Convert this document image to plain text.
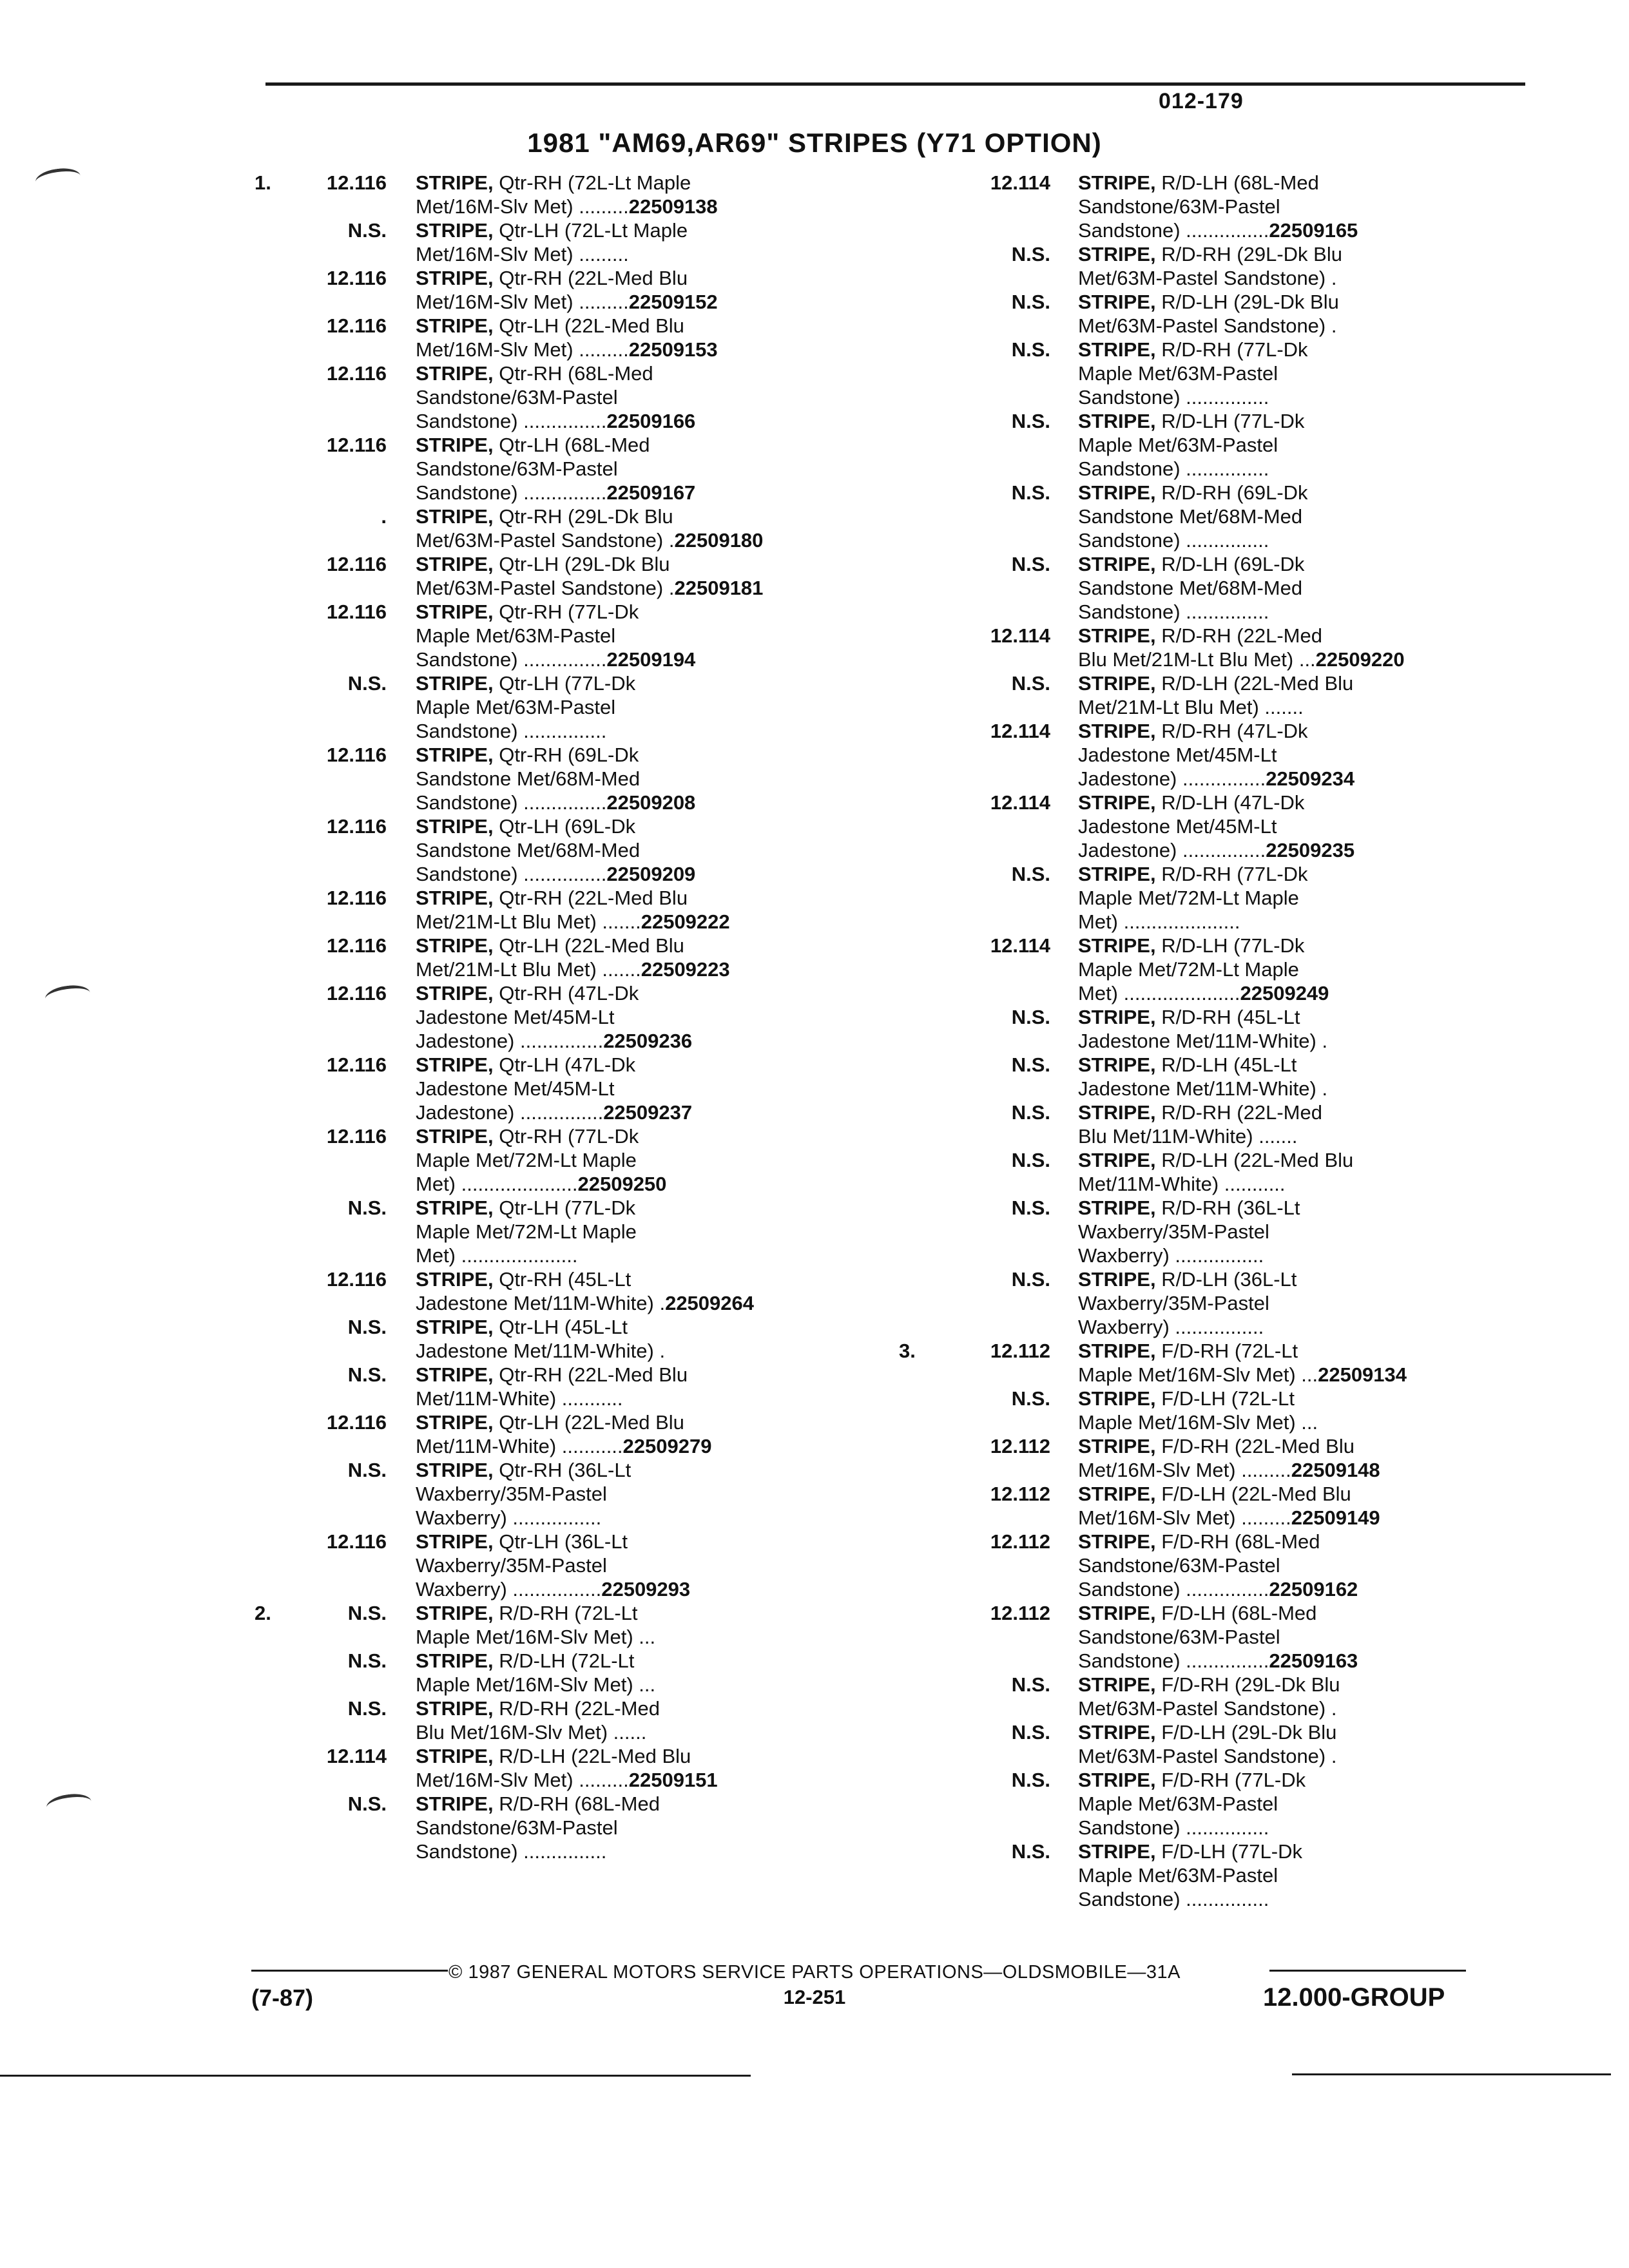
012-179
1981 "AM69,AR69" STRIPES (Y71 OPTION)
1.	12.116 STRIPE, Qtr-RH (72L-Lt Maple
Met/16M-Slv Met) .........22509138
N.S. STRIPE, Qtr-LH (72L-Lt Maple
Met/16M-Slv Met) .........
12.116 STRIPE, Qtr-RH (22L-Med Blu
Met/16M-Slv Met) .........22509152
12.116 STRIPE, Qtr-LH (22L-Med Blu
Met/16M-Slv Met) .........22509153
12.116 STRIPE, Qtr-RH (68L-Med
Sandstone/63M-Pastel
Sandstone) ...............22509166
12.116 STRIPE, Qtr-LH (68L-Med
Sandstone/63M-Pastel
Sandstone) ...............22509167
. STRIPE, Qtr-RH (29L-Dk Blu
Met/63M-Pastel Sandstone) .22509180
12.116 STRIPE, Qtr-LH (29L-Dk Blu
Met/63M-Pastel Sandstone) .22509181
12.116 STRIPE, Qtr-RH (77L-Dk
Maple Met/63M-Pastel
Sandstone) ...............22509194
N.S. STRIPE, Qtr-LH (77L-Dk
Maple Met/63M-Pastel
Sandstone) ...............
12.116 STRIPE, Qtr-RH (69L-Dk
Sandstone Met/68M-Med
Sandstone) ...............22509208
12.116 STRIPE, Qtr-LH (69L-Dk
Sandstone Met/68M-Med
Sandstone) ...............22509209
12.116 STRIPE, Qtr-RH (22L-Med Blu
Met/21M-Lt Blu Met) .......22509222
12.116 STRIPE, Qtr-LH (22L-Med Blu
Met/21M-Lt Blu Met) .......22509223
12.116 STRIPE, Qtr-RH (47L-Dk
Jadestone Met/45M-Lt
Jadestone) ...............22509236
12.116 STRIPE, Qtr-LH (47L-Dk
Jadestone Met/45M-Lt
Jadestone) ...............22509237
12.116 STRIPE, Qtr-RH (77L-Dk
Maple Met/72M-Lt Maple
Met) .....................22509250
N.S. STRIPE, Qtr-LH (77L-Dk
Maple Met/72M-Lt Maple
Met) .....................
12.116 STRIPE, Qtr-RH (45L-Lt
Jadestone Met/11M-White) .22509264
N.S. STRIPE, Qtr-LH (45L-Lt
Jadestone Met/11M-White) .
N.S. STRIPE, Qtr-RH (22L-Med Blu
Met/11M-White) ...........
12.116 STRIPE, Qtr-LH (22L-Med Blu
Met/11M-White) ...........22509279
N.S. STRIPE, Qtr-RH (36L-Lt
Waxberry/35M-Pastel
Waxberry) ................
12.116 STRIPE, Qtr-LH (36L-Lt
Waxberry/35M-Pastel
Waxberry) ................22509293
2.	N.S. STRIPE, R/D-RH (72L-Lt
Maple Met/16M-Slv Met) ...
N.S. STRIPE, R/D-LH (72L-Lt
Maple Met/16M-Slv Met) ...
N.S. STRIPE, R/D-RH (22L-Med
Blu Met/16M-Slv Met) ......
12.114 STRIPE, R/D-LH (22L-Med Blu
Met/16M-Slv Met) .........22509151
N.S. STRIPE, R/D-RH (68L-Med
Sandstone/63M-Pastel
Sandstone) ...............
12.114 STRIPE, R/D-LH (68L-Med
Sandstone/63M-Pastel
Sandstone) ...............22509165
N.S. STRIPE, R/D-RH (29L-Dk Blu
Met/63M-Pastel Sandstone) .
N.S. STRIPE, R/D-LH (29L-Dk Blu
Met/63M-Pastel Sandstone) .
N.S. STRIPE, R/D-RH (77L-Dk
Maple Met/63M-Pastel
Sandstone) ...............
N.S. STRIPE, R/D-LH (77L-Dk
Maple Met/63M-Pastel
Sandstone) ...............
N.S. STRIPE, R/D-RH (69L-Dk
Sandstone Met/68M-Med
Sandstone) ...............
N.S. STRIPE, R/D-LH (69L-Dk
Sandstone Met/68M-Med
Sandstone) ...............
12.114 STRIPE, R/D-RH (22L-Med
Blu Met/21M-Lt Blu Met) ...22509220
N.S. STRIPE, R/D-LH (22L-Med Blu
Met/21M-Lt Blu Met) .......
12.114 STRIPE, R/D-RH (47L-Dk
Jadestone Met/45M-Lt
Jadestone) ...............22509234
12.114 STRIPE, R/D-LH (47L-Dk
Jadestone Met/45M-Lt
Jadestone) ...............22509235
N.S. STRIPE, R/D-RH (77L-Dk
Maple Met/72M-Lt Maple
Met) .....................
12.114 STRIPE, R/D-LH (77L-Dk
Maple Met/72M-Lt Maple
Met) .....................22509249
N.S. STRIPE, R/D-RH (45L-Lt
Jadestone Met/11M-White) .
N.S. STRIPE, R/D-LH (45L-Lt
Jadestone Met/11M-White) .
N.S. STRIPE, R/D-RH (22L-Med
Blu Met/11M-White) .......
N.S. STRIPE, R/D-LH (22L-Med Blu
Met/11M-White) ...........
N.S. STRIPE, R/D-RH (36L-Lt
Waxberry/35M-Pastel
Waxberry) ................
N.S. STRIPE, R/D-LH (36L-Lt
Waxberry/35M-Pastel
Waxberry) ................
3.	12.112 STRIPE, F/D-RH (72L-Lt
Maple Met/16M-Slv Met) ...22509134
N.S. STRIPE, F/D-LH (72L-Lt
Maple Met/16M-Slv Met) ...
12.112 STRIPE, F/D-RH (22L-Med Blu
Met/16M-Slv Met) .........22509148
12.112 STRIPE, F/D-LH (22L-Med Blu
Met/16M-Slv Met) .........22509149
12.112 STRIPE, F/D-RH (68L-Med
Sandstone/63M-Pastel
Sandstone) ...............22509162
12.112 STRIPE, F/D-LH (68L-Med
Sandstone/63M-Pastel
Sandstone) ...............22509163
N.S. STRIPE, F/D-RH (29L-Dk Blu
Met/63M-Pastel Sandstone) .
N.S. STRIPE, F/D-LH (29L-Dk Blu
Met/63M-Pastel Sandstone) .
N.S. STRIPE, F/D-RH (77L-Dk
Maple Met/63M-Pastel
Sandstone) ...............
N.S. STRIPE, F/D-LH (77L-Dk
Maple Met/63M-Pastel
Sandstone) ...............
© 1987 GENERAL MOTORS SERVICE PARTS OPERATIONS—OLDSMOBILE—31A
(7-87)	12-251	12.000-GROUP
